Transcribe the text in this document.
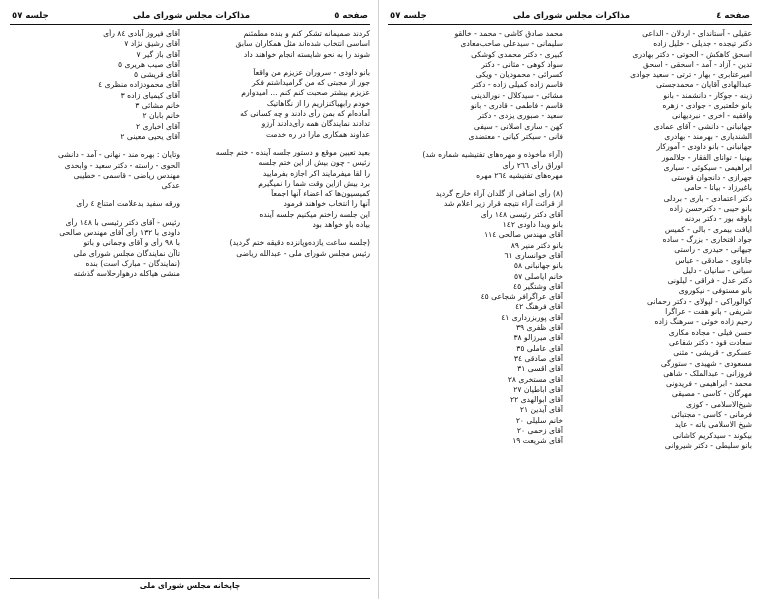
صفحه ٥
مذاکرات مجلس شورای ملی
جلسه ٥٧
کردند صمیمانه تشکر کنم و بنده مطمئنم
اساسی انتخاب شده‌اند مثل همکاران سابق
شوند را به نحو شایسته انجام خواهند داد
بانو داودی - سروران عزیزم من واقعاً
جور از مجبتی که من گرامیداشتم فکر
عزیزم بیشتر صحبت کنم کنم ... امیدوارم
خودم رابهیاکنزاریم را از نگاهاتیک
آماده‌ام که بمن رأی دادند و چه کسانی که
تدادند نمایندگان همه رأی‌دادند آرزو
عداوند همکاری مارا در ره خدمت
بعید تعیین موقع و دستور جلسه آینده - ختم جلسه
رئیس - چون بیش از این ختم جلسه
را لقا میفرمایند اکر اجازه بفرمایید
برد بیش ازاین وقت شما را نمیگیرم
کمیسیون‌ها که اعضاء آنها اجمعاً
آنها را انتخاب خواهند فرمود
این جلسه راختم میکنیم جلسه آینده
بیاده باو خواهد بود
(جلسه ساعت یازده‌وپانزده دقیقه ختم گردید)
رئیس مجلس شورای ملی - عبدالله ریاضی
آقای فیروز آبادی ٨٤ رأی
آقای رشیق نژاد ٧
آقای باز گیر ٧
آقای صیب هریری ٥
آقای قریشی ٥
آقای محمودزاده منظری ٤
آقای کیمیای زاده ٣
خانم مشائی ٣
خانم بابان ٢
آقای اخباری ٢
آقای یحیی معینی ٢
وتایان : بهره مند - نهانی - آمد - دانشی
الحوی - راسته - دکتر سعید - وابحدی
مهندس ریاضی - قاسمی - خطیبی
عدکی
ورقه سفید بدعلامت امتناع ٤ رأی
رئیس - آقای دکتر رئیسی با ١٤٨ رأی
داودی با ١٣٢ رأی آقای مهندس صالحی
با ٩٨ رأی و آقای وجمانی و باتو
تاآن نمایندگان مجلس شورای ملی
(نمایندگان - مبارک است) بنده
منشی هیاکله درهوارحلاسه گذشته
چاپخانه مجلس شورای ملی
صفحه ٤
مذاکرات مجلس شورای ملی
جلسه ٥٧
عقیلی - آستاندای - اردلان - الداعی
دکتر تیجده - جدیلی - خلیل زاده
اسحق کاهکش - الحوتی - دکتر بهادری
تدین - آزاد - آمد - اسحقی - اسحق
امیرعتابری - بهار - ترتی - سعید جوادی
عبدالهادی آقایان - محمدجستی
زینه - جوکار - دانشمند - بانو
بانو خلعتبری - جوادی - زهره
وافقیه - اخری - نبردیهانی
جهانبانی - دانشی - آقای عمادی
الشندیاری - بهرمند - بهادری
جهانبانی - بانو داودی - آمورکار
بهنیا - توانای الفقار - جلالمور
ابراهیمی - سیکوئی - سیاری
جهرازی - دانجوان قوستی
باغیرزاد - بیانا - حامی
دکتر اعتمادی - باری - بردلی
بانو حیبی - دکترحسن زاده
باوقه بور - دکتر بردنه
ایافت بیمری - بالی - کمیس
جواد افتخاری - بزرگ - ساده
جیهانی - حیدری - راستی
جاناوی - صادقی - عباس
سیانی - سانیان - دلیل
دکتر عدل - فراقی - لیلونی
بانو مستوفی - نیکوروی
کوالوراکی - لپولای - دکتر رحمانی
شریفی - بانو هفت - عراگرا
رحیم زاده خوئی - سرهنگ زاده
حسن فیلی - مجاده مکاری
سعادت قود - دکتر شفاعی
عسکری - قریشی - مثنی
مسعودی - شهیدی - ستورگی
فروزانی - عبدالملک - شاهی
محمد - ابراهیمی - فریدونی
مهرگان - کاسی - مصیقی
شیخ‌الاسلامی - کوزی
فرمانی - کاسی - مجتبائی
شیخ الاسلامی باته - عاید
بیکوند - سیدکریم کاشانی
بانو سلیطی - دکتر شیروانی
محمد صادق کاشی - محمد - خالقو
سلیمانی - سیدعلی صاحب‌معادی
کبیری - دکتر محمدی کوشکی
سواد کوهی - مثانی - دکتر
کسرائی - محمودیان - ویکی
قاسم زاده کمیلی زاده - دکتر
مشائی - سیدکلال - نورالدینی
قاسم - فاطمی - قادری - بانو
سعید - صبوری یزدی - دکتر
کهن - ساری اصلانی - سیفی
فانی - سیکتر کیانی - معتضدی
(آراء مأخوذه و مهره‌های تفتیشیه شماره شد)
اوراق رأی ٢٦٦ رأی
مهره‌های تفتیشیه ٢٦٤ مهره
(٨) رأی اضافی از گلدان آراء خارج گردید
از قرائت آراء نتیجه قرار زیر اعلام شد
آقای دکتر رئیسی ١٤٨ رأی
بانو ویدا داودی ١٤٢
آقای مهندس صالحی ١١٤
بانو دکتر منیر ٨٩
آقای خوانساری ٦١
بانو جهانبانی ٥٨
خانم ایاصلی ٥٧
آقای وشتگیر ٤٥
آقای عراگرافر شجاعی ٤٥
آقای فرهنگ ٤٢
آقای پوربزرداری ٤١
آقای ظفری ٣٩
آقای میرزالو ٣٨
آقای عاملی ٣٥
آقای صادقی ٣٤
آقای اقسی ٣١
آقای مستخری ٢٨
آقای اباطیان ٢٧
آقای ابوالهدی ٢٢
آقای آیدین ٢١
خانم سلیلی ٢٠
آقای زحمی ٢٠
آقای شریعت ١٩
